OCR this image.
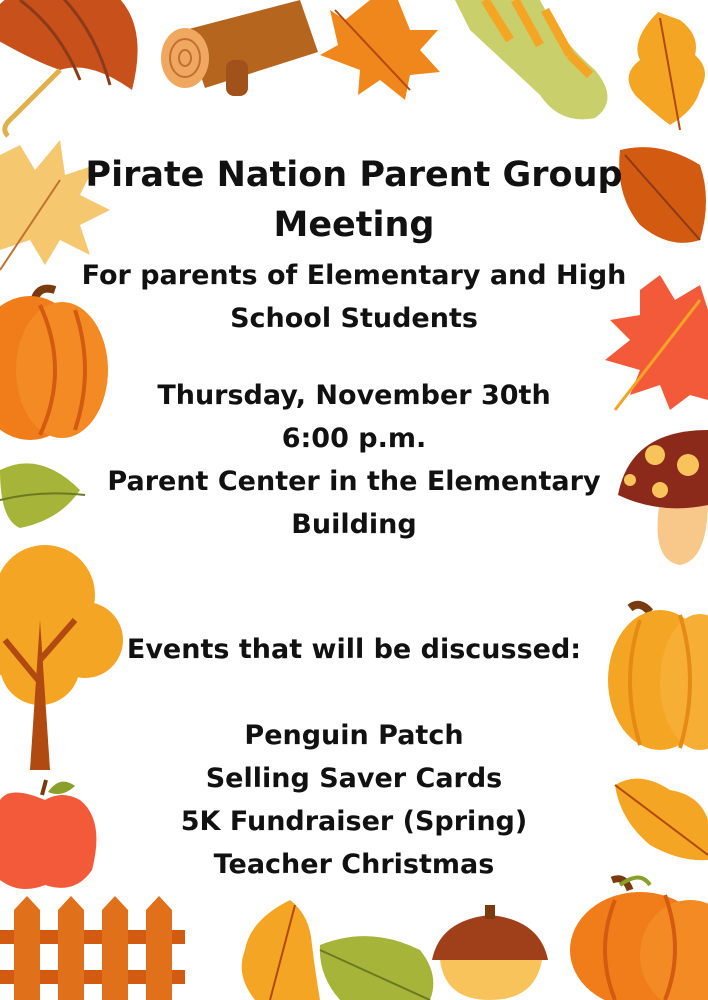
Pirate Nation Parent Group
Meeting
For parents of Elementary and High
School Students
Thursday, November 30th
6:00 p.m.
Parent Center in the Elementary
Building
Events that will be discussed:
Penguin Patch
Selling Saver Cards
5K Fundraiser (Spring)
Teacher Christmas
